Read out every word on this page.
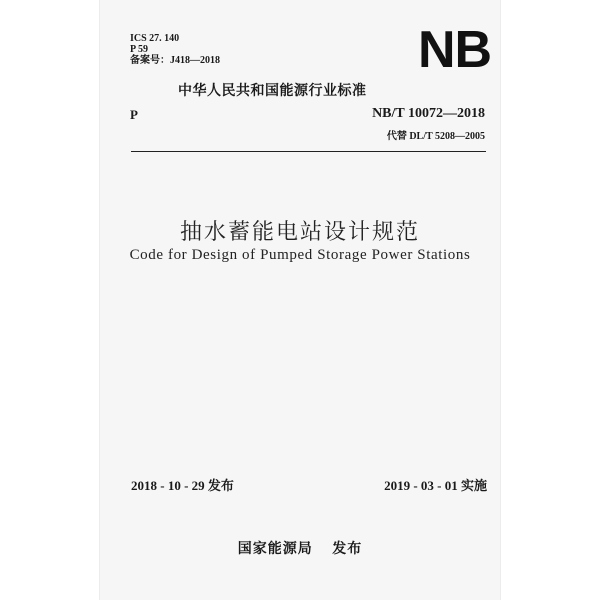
ICS 27. 140
P 59
备案号：J418—2018	NB
中华人民共和国能源行业标准
P	NB/T 10072—2018
代替 DL/T 5208—2005
抽水蓄能电站设计规范
Code for Design of Pumped Storage Power Stations
2018 - 10 - 29 发布	2019 - 03 - 01 实施
国家能源局　 发布
